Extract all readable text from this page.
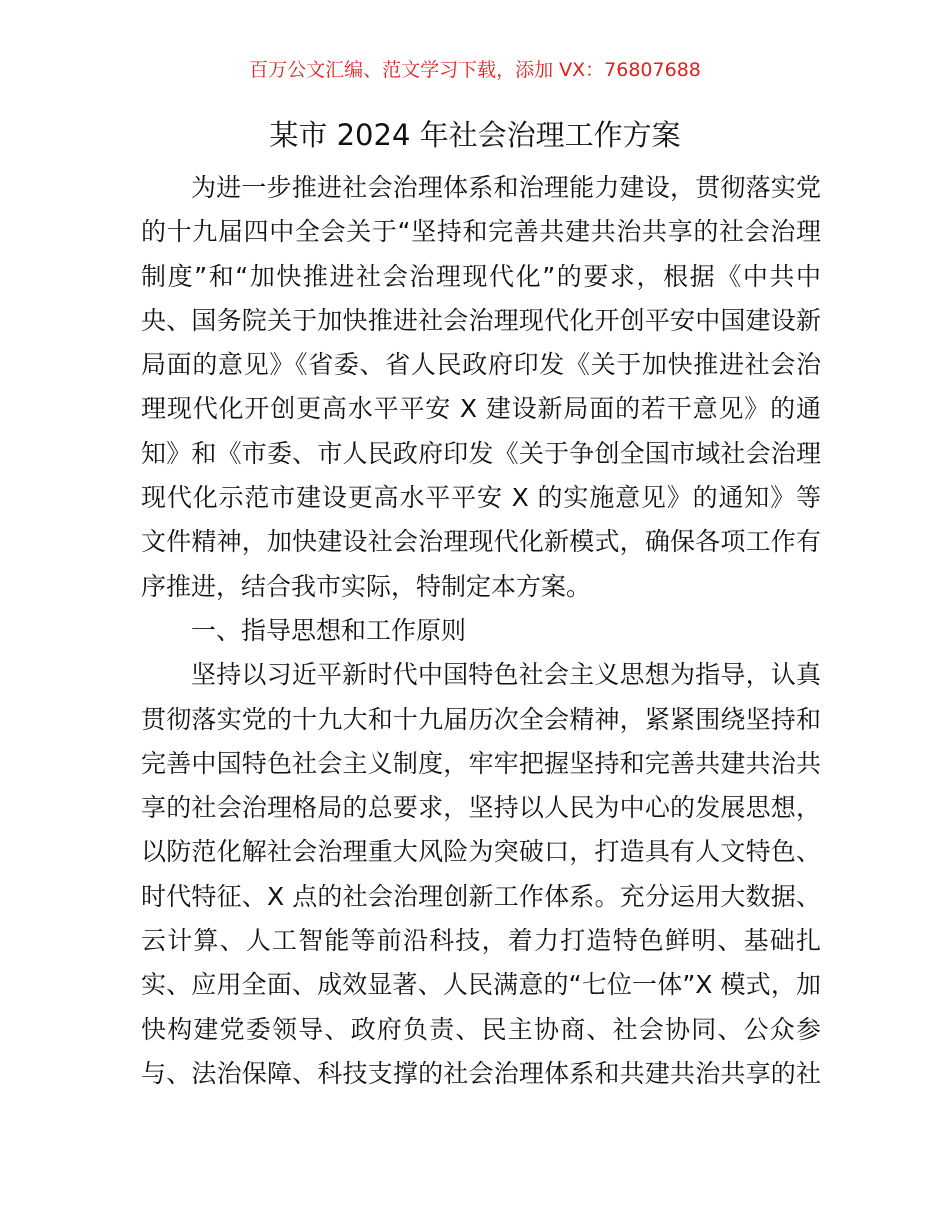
百万公文汇编、范文学习下载，添加 VX：76807688
某市 2024 年社会治理工作方案
为进一步推进社会治理体系和治理能力建设，贯彻落实党
的十九届四中全会关于“坚持和完善共建共治共享的社会治理
制度”和“加快推进社会治理现代化”的要求，根据《中共中
央、国务院关于加快推进社会治理现代化开创平安中国建设新
局面的意见》《省委、省人民政府印发《关于加快推进社会治
理现代化开创更高水平平安 X 建设新局面的若干意见》的通
知》和《市委、市人民政府印发《关于争创全国市域社会治理
现代化示范市建设更高水平平安 X 的实施意见》的通知》等
文件精神，加快建设社会治理现代化新模式，确保各项工作有
序推进，结合我市实际，特制定本方案。
一、指导思想和工作原则
坚持以习近平新时代中国特色社会主义思想为指导，认真
贯彻落实党的十九大和十九届历次全会精神，紧紧围绕坚持和
完善中国特色社会主义制度，牢牢把握坚持和完善共建共治共
享的社会治理格局的总要求，坚持以人民为中心的发展思想，
以防范化解社会治理重大风险为突破口，打造具有人文特色、
时代特征、X 点的社会治理创新工作体系。充分运用大数据、
云计算、人工智能等前沿科技，着力打造特色鲜明、基础扎
实、应用全面、成效显著、人民满意的“七位一体”X 模式，加
快构建党委领导、政府负责、民主协商、社会协同、公众参
与、法治保障、科技支撑的社会治理体系和共建共治共享的社
